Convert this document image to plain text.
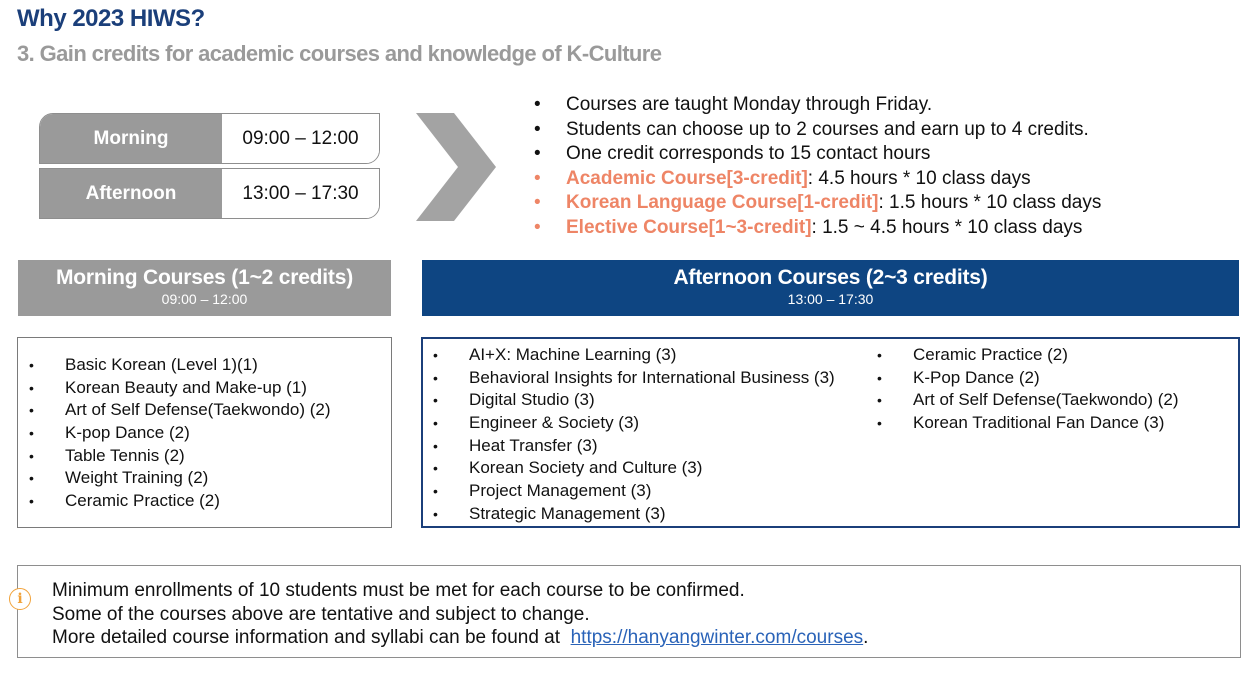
Why 2023 HIWS?
3. Gain credits for academic courses and knowledge of K-Culture
Morning	09:00 – 12:00
Afternoon	13:00 – 17:30
• Courses are taught Monday through Friday.
• Students can choose up to 2 courses and earn up to 4 credits.
• One credit corresponds to 15 contact hours
• Academic Course[3-credit]: 4.5 hours * 10 class days
• Korean Language Course[1-credit]: 1.5 hours * 10 class days
• Elective Course[1~3-credit]: 1.5 ~ 4.5 hours * 10 class days
Morning Courses (1~2 credits)
09:00 – 12:00
Afternoon Courses (2~3 credits)
13:00 – 17:30
• Basic Korean (Level 1)(1)
• Korean Beauty and Make-up (1)
• Art of Self Defense(Taekwondo) (2)
• K-pop Dance (2)
• Table Tennis (2)
• Weight Training (2)
• Ceramic Practice (2)
• AI+X: Machine Learning (3)
• Behavioral Insights for International Business (3)
• Digital Studio (3)
• Engineer & Society (3)
• Heat Transfer (3)
• Korean Society and Culture (3)
• Project Management (3)
• Strategic Management (3)
• Ceramic Practice (2)
• K-Pop Dance (2)
• Art of Self Defense(Taekwondo) (2)
• Korean Traditional Fan Dance (3)
i	Minimum enrollments of 10 students must be met for each course to be confirmed.
Some of the courses above are tentative and subject to change.
More detailed course information and syllabi can be found at  https://hanyangwinter.com/courses.
